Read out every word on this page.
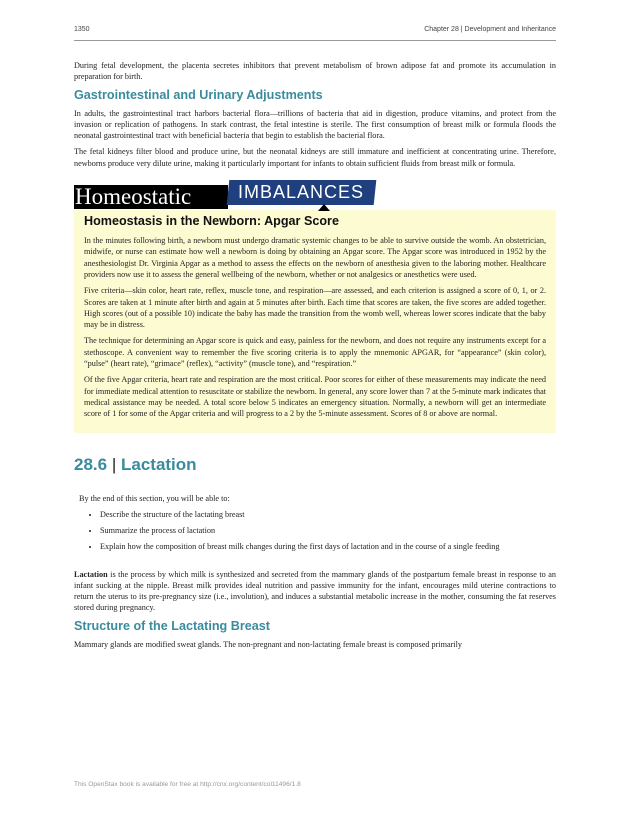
1350	Chapter 28 | Development and Inheritance

During fetal development, the placenta secretes inhibitors that prevent metabolism of brown adipose fat and promote its accumulation in preparation for birth.

Gastrointestinal and Urinary Adjustments

In adults, the gastrointestinal tract harbors bacterial flora—trillions of bacteria that aid in digestion, produce vitamins, and protect from the invasion or replication of pathogens. In stark contrast, the fetal intestine is sterile. The first consumption of breast milk or formula floods the neonatal gastrointestinal tract with beneficial bacteria that begin to establish the bacterial flora.

The fetal kidneys filter blood and produce urine, but the neonatal kidneys are still immature and inefficient at concentrating urine. Therefore, newborns produce very dilute urine, making it particularly important for infants to obtain sufficient fluids from breast milk or formula.

Homeostatic	IMBALANCES
Homeostasis in the Newborn: Apgar Score

In the minutes following birth, a newborn must undergo dramatic systemic changes to be able to survive outside the womb. An obstetrician, midwife, or nurse can estimate how well a newborn is doing by obtaining an Apgar score. The Apgar score was introduced in 1952 by the anesthesiologist Dr. Virginia Apgar as a method to assess the effects on the newborn of anesthesia given to the laboring mother. Healthcare providers now use it to assess the general wellbeing of the newborn, whether or not analgesics or anesthetics were used.

Five criteria—skin color, heart rate, reflex, muscle tone, and respiration—are assessed, and each criterion is assigned a score of 0, 1, or 2. Scores are taken at 1 minute after birth and again at 5 minutes after birth. Each time that scores are taken, the five scores are added together. High scores (out of a possible 10) indicate the baby has made the transition from the womb well, whereas lower scores indicate that the baby may be in distress.

The technique for determining an Apgar score is quick and easy, painless for the newborn, and does not require any instruments except for a stethoscope. A convenient way to remember the five scoring criteria is to apply the mnemonic APGAR, for “appearance” (skin color), “pulse” (heart rate), “grimace” (reflex), “activity” (muscle tone), and “respiration.”

Of the five Apgar criteria, heart rate and respiration are the most critical. Poor scores for either of these measurements may indicate the need for immediate medical attention to resuscitate or stabilize the newborn. In general, any score lower than 7 at the 5-minute mark indicates that medical assistance may be needed. A total score below 5 indicates an emergency situation. Normally, a newborn will get an intermediate score of 1 for some of the Apgar criteria and will progress to a 2 by the 5-minute assessment. Scores of 8 or above are normal.

28.6 | Lactation
By the end of this section, you will be able to:
• Describe the structure of the lactating breast
• Summarize the process of lactation
• Explain how the composition of breast milk changes during the first days of lactation and in the course of a single feeding

Lactation is the process by which milk is synthesized and secreted from the mammary glands of the postpartum female breast in response to an infant sucking at the nipple. Breast milk provides ideal nutrition and passive immunity for the infant, encourages mild uterine contractions to return the uterus to its pre-pregnancy size (i.e., involution), and induces a substantial metabolic increase in the mother, consuming the fat reserves stored during pregnancy.

Structure of the Lactating Breast

Mammary glands are modified sweat glands. The non-pregnant and non-lactating female breast is composed primarily

This OpenStax book is available for free at http://cnx.org/content/col11496/1.8
